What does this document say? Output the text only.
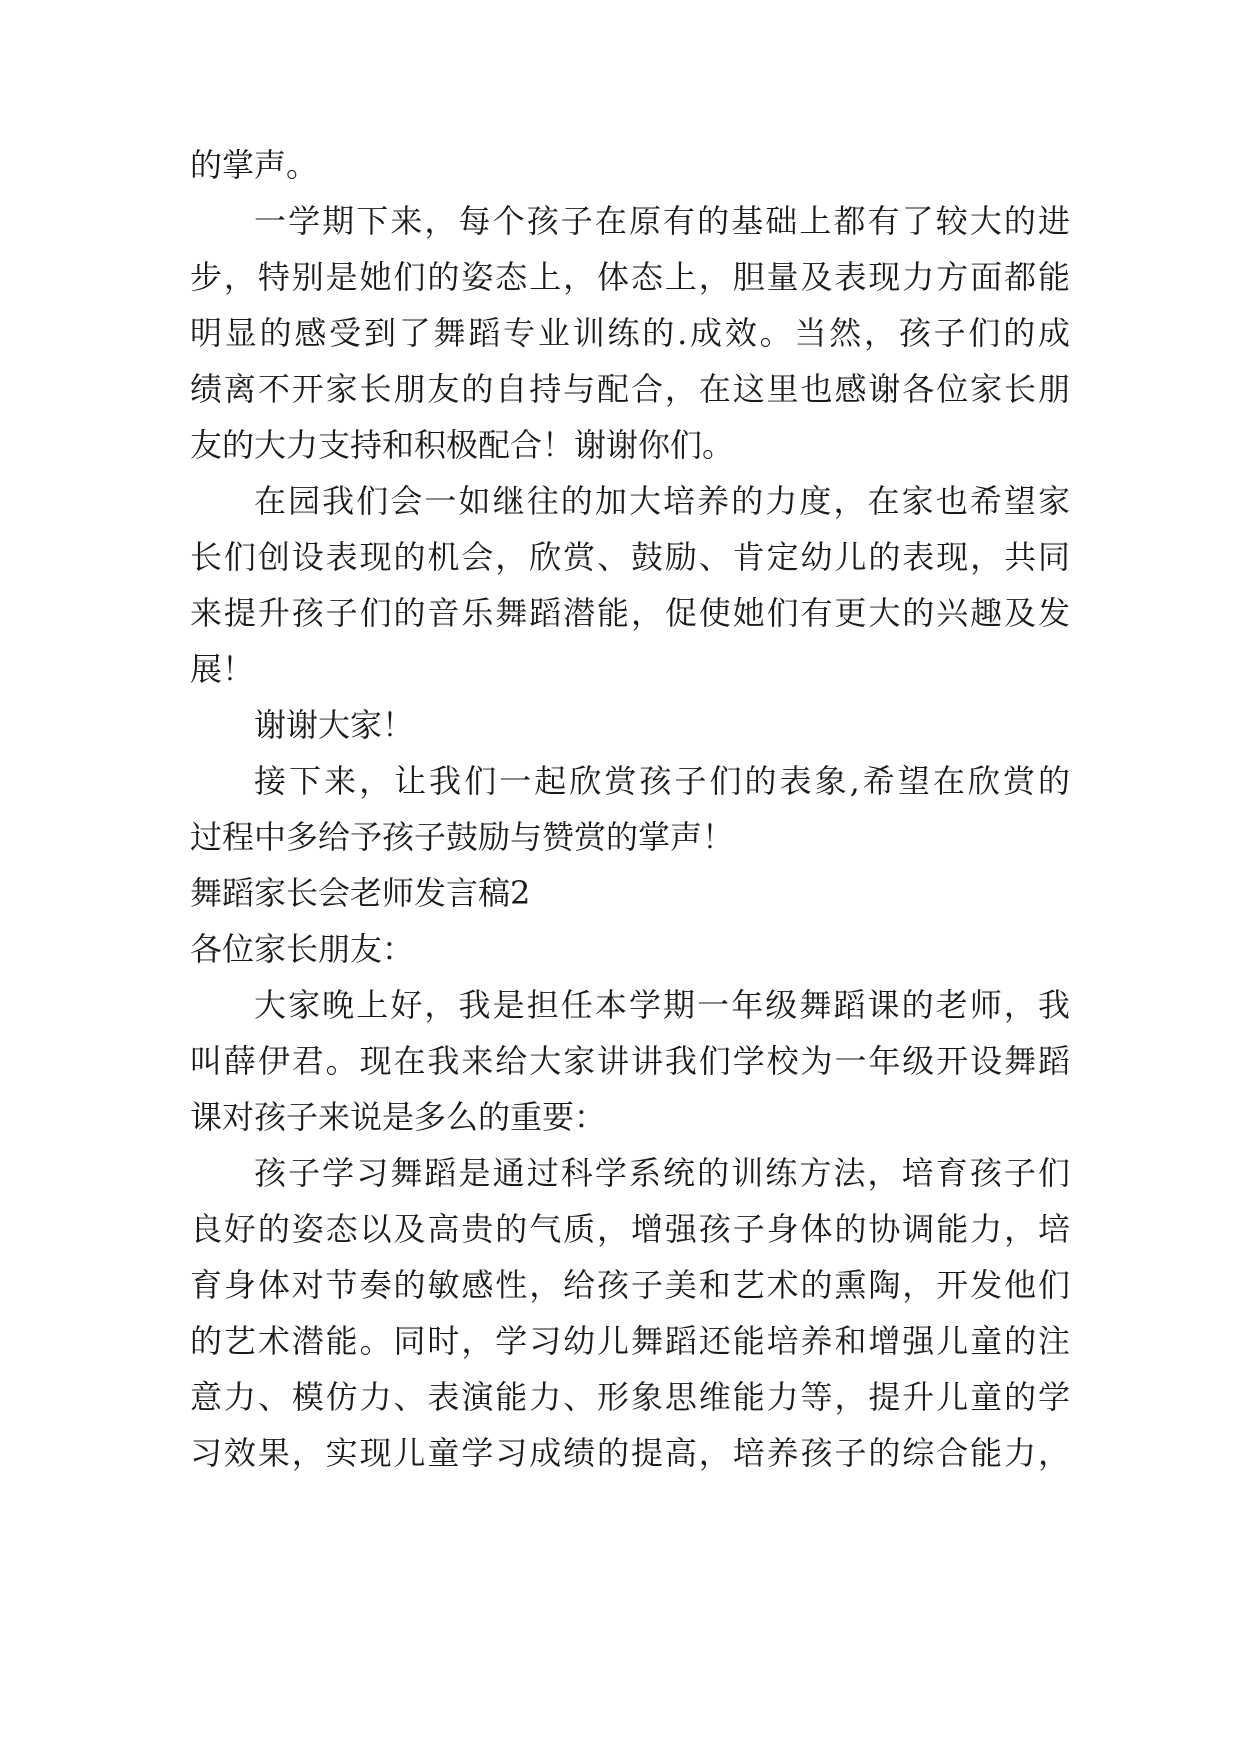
的掌声。

一学期下来，每个孩子在原有的基础上都有了较大的进

步，特别是她们的姿态上，体态上，胆量及表现力方面都能

明显的感受到了舞蹈专业训练的.成效。当然，孩子们的成

绩离不开家长朋友的自持与配合，在这里也感谢各位家长朋

友的大力支持和积极配合！谢谢你们。

在园我们会一如继往的加大培养的力度，在家也希望家

长们创设表现的机会，欣赏、鼓励、肯定幼儿的表现，共同

来提升孩子们的音乐舞蹈潜能，促使她们有更大的兴趣及发

展！

谢谢大家！

接下来，让我们一起欣赏孩子们的表象,希望在欣赏的

过程中多给予孩子鼓励与赞赏的掌声！

舞蹈家长会老师发言稿2

各位家长朋友：

大家晚上好，我是担任本学期一年级舞蹈课的老师，我

叫薛伊君。现在我来给大家讲讲我们学校为一年级开设舞蹈

课对孩子来说是多么的重要：

孩子学习舞蹈是通过科学系统的训练方法，培育孩子们

良好的姿态以及高贵的气质，增强孩子身体的协调能力，培

育身体对节奏的敏感性，给孩子美和艺术的熏陶，开发他们

的艺术潜能。同时，学习幼儿舞蹈还能培养和增强儿童的注

意力、模仿力、表演能力、形象思维能力等，提升儿童的学

习效果，实现儿童学习成绩的提高，培养孩子的综合能力，
